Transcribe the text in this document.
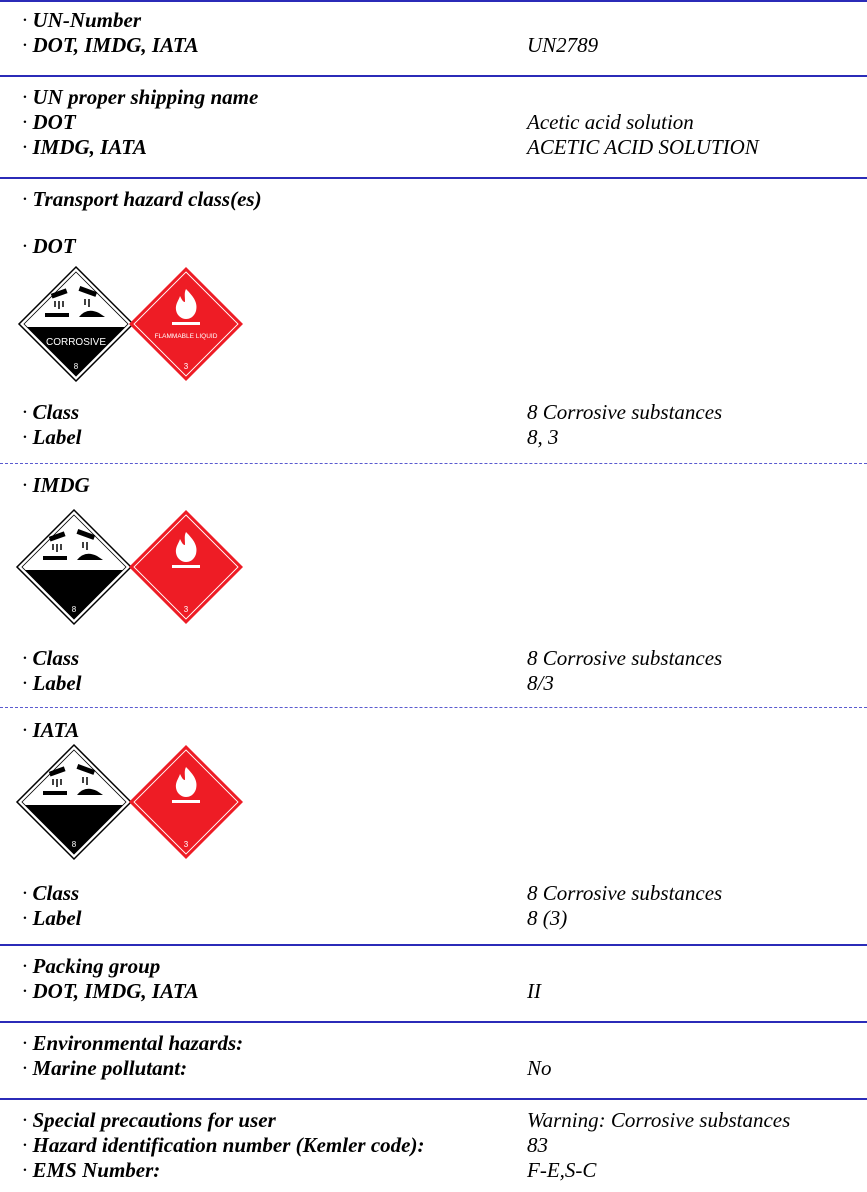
· UN-Number
· DOT, IMDG, IATA	UN2789
· UN proper shipping name
· DOT	Acetic acid solution
· IMDG, IATA	ACETIC ACID SOLUTION
· Transport hazard class(es)
· DOT
CORROSIVE
8
FLAMMABLE LIQUID
3
· Class	8 Corrosive substances
· Label	8, 3
· IMDG
8	3
· Class	8 Corrosive substances
· Label	8/3
· IATA
8	3
· Class	8 Corrosive substances
· Label	8 (3)
· Packing group
· DOT, IMDG, IATA	II
· Environmental hazards:
· Marine pollutant:	No
· Special precautions for user	Warning: Corrosive substances
· Hazard identification number (Kemler code):	83
· EMS Number:	F-E,S-C
